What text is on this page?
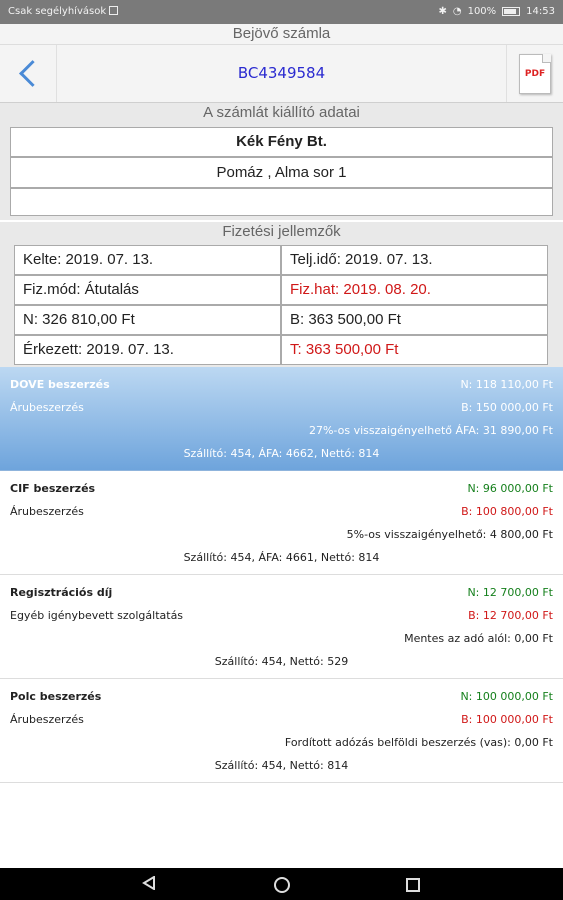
Csak segélyhívások	✱ ◔ 100%	14:53
Bejövő számla
BC4349584	PDF
A számlát kiállító adatai
Kék Fény Bt.
Pomáz , Alma sor 1
Fizetési jellemzők
Kelte: 2019. 07. 13.	Telj.idő: 2019. 07. 13.
Fiz.mód: Átutalás	Fiz.hat: 2019. 08. 20.
N: 326 810,00 Ft	B: 363 500,00 Ft
Érkezett: 2019. 07. 13.	T: 363 500,00 Ft
DOVE beszerzés	N: 118 110,00 Ft
Árubeszerzés	B: 150 000,00 Ft
27%-os visszaigényelhető ÁFA: 31 890,00 Ft
Szállító: 454, ÁFA: 4662, Nettó: 814
CIF beszerzés	N: 96 000,00 Ft
Árubeszerzés	B: 100 800,00 Ft
5%-os visszaigényelhető: 4 800,00 Ft
Szállító: 454, ÁFA: 4661, Nettó: 814
Regisztrációs díj	N: 12 700,00 Ft
Egyéb igénybevett szolgáltatás	B: 12 700,00 Ft
Mentes az adó alól: 0,00 Ft
Szállító: 454, Nettó: 529
Polc beszerzés	N: 100 000,00 Ft
Árubeszerzés	B: 100 000,00 Ft
Fordított adózás belföldi beszerzés (vas): 0,00 Ft
Szállító: 454, Nettó: 814
